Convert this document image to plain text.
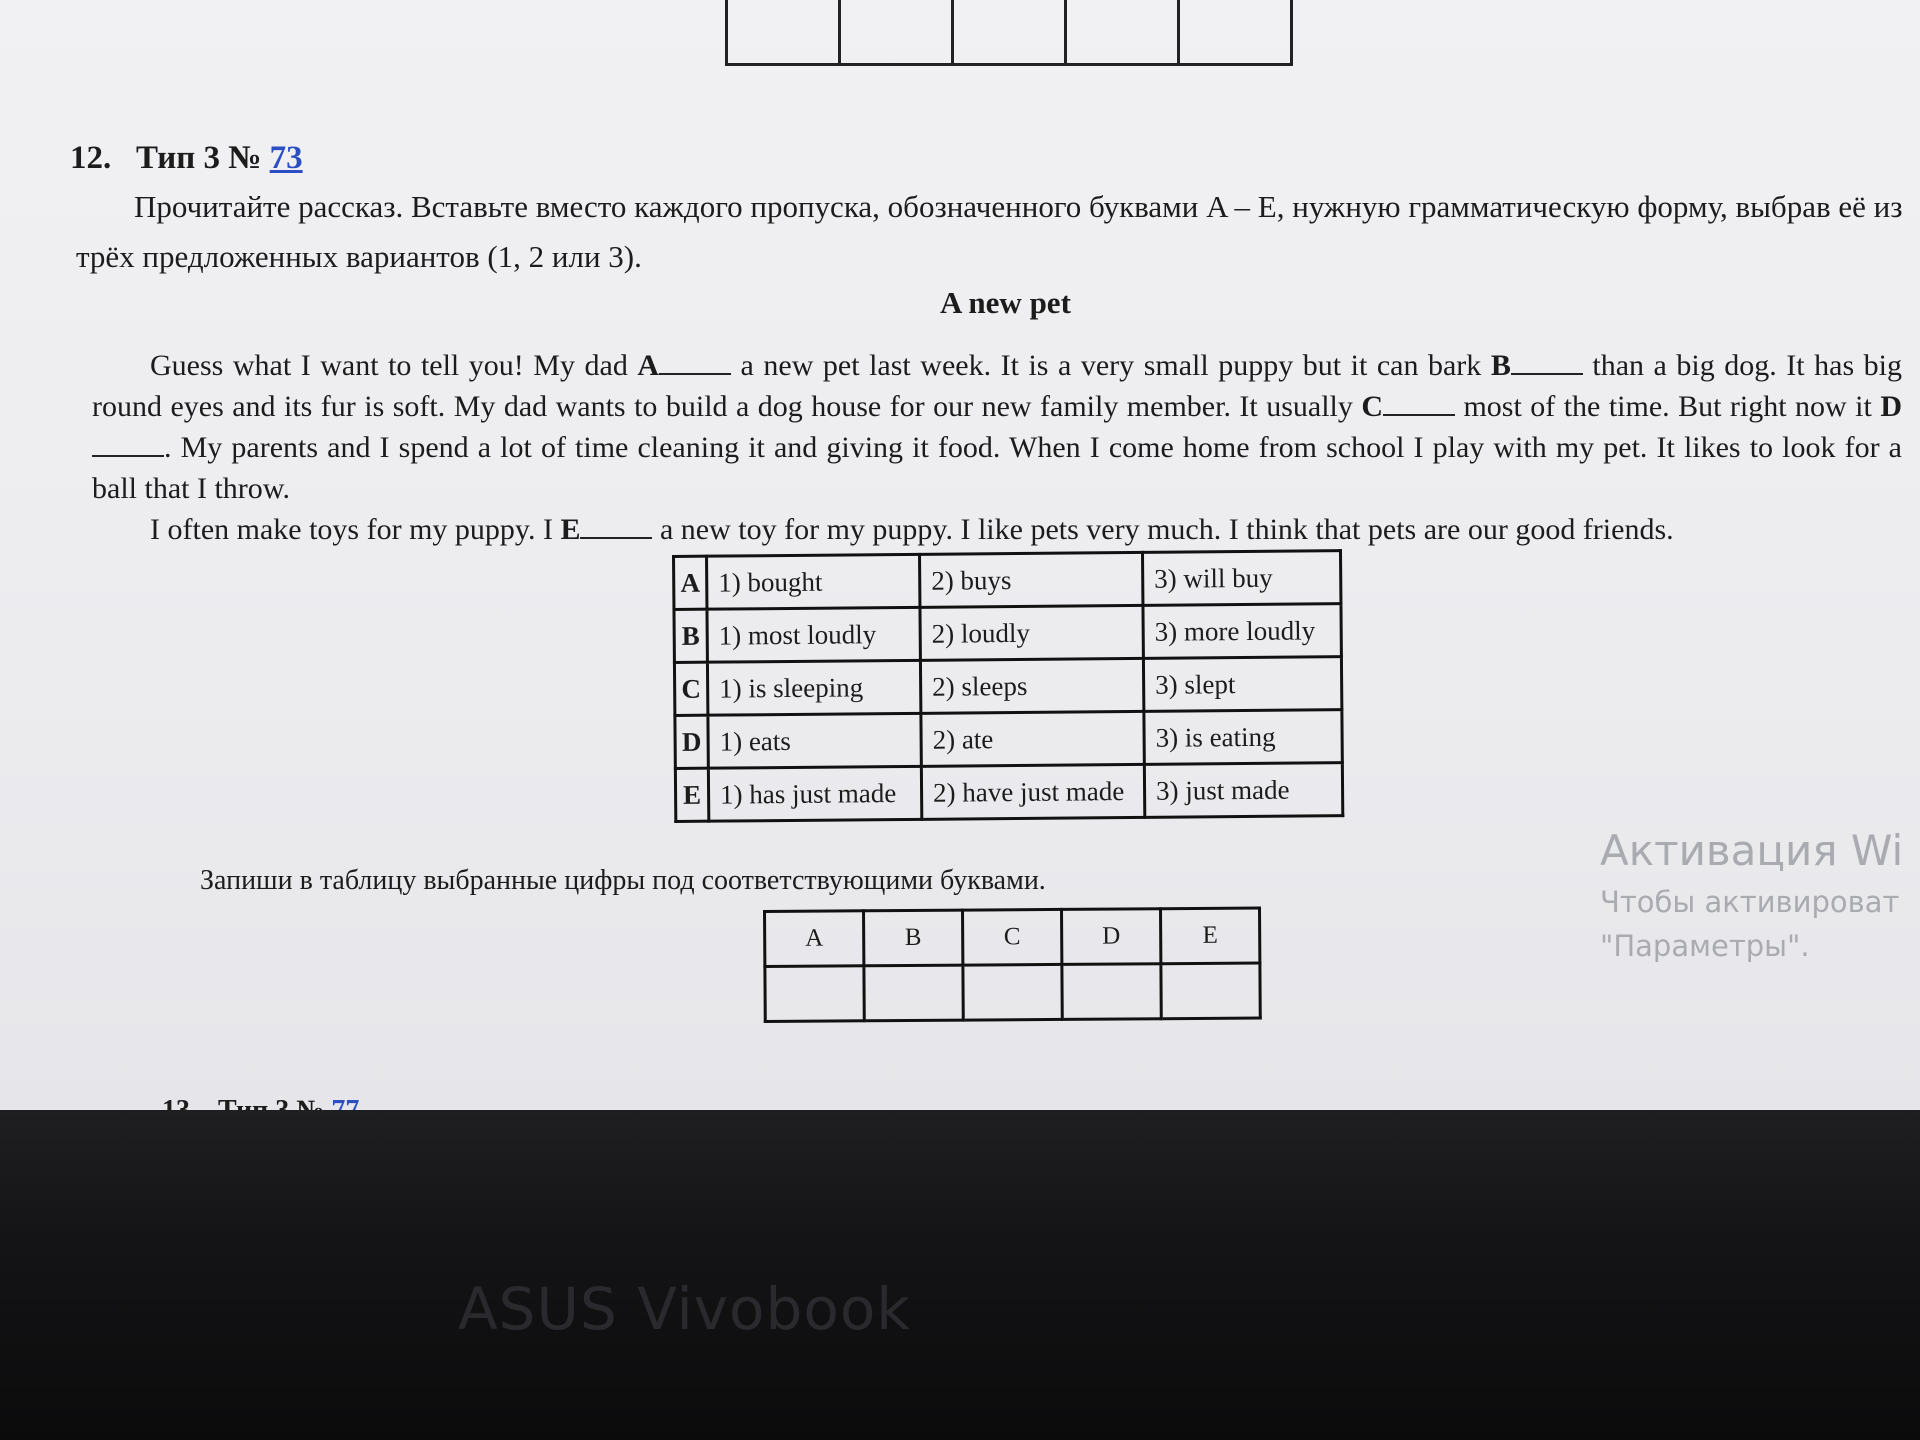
12. Тип 3 № 73

Прочитайте рассказ. Вставьте вместо каждого пропуска, обозначенного буквами A – E, нужную грамматическую форму, выбрав её из трёх предложенных вариантов (1, 2 или 3).

A new pet

Guess what I want to tell you! My dad A a new pet last week. It is a very small puppy but it can bark B than a big dog. It has big round eyes and its fur is soft. My dad wants to build a dog house for our new family member. It usually C most of the time. But right now it D. My parents and I spend a lot of time cleaning it and giving it food. When I come home from school I play with my pet. It likes to look for a ball that I throw.

I often make toys for my puppy. I E a new toy for my puppy. I like pets very much. I think that pets are our good friends.

A	1) bought	2) buys	3) will buy
B	1) most loudly	2) loudly	3) more loudly
C	1) is sleeping	2) sleeps	3) slept
D	1) eats	2) ate	3) is eating
E	1) has just made	2) have just made	3) just made
Запиши в таблицу выбранные цифры под соответствующими буквами.
A	B	C	D	E

Активация Wi
Чтобы активироват
"Параметры".
ASUS Vivobook
